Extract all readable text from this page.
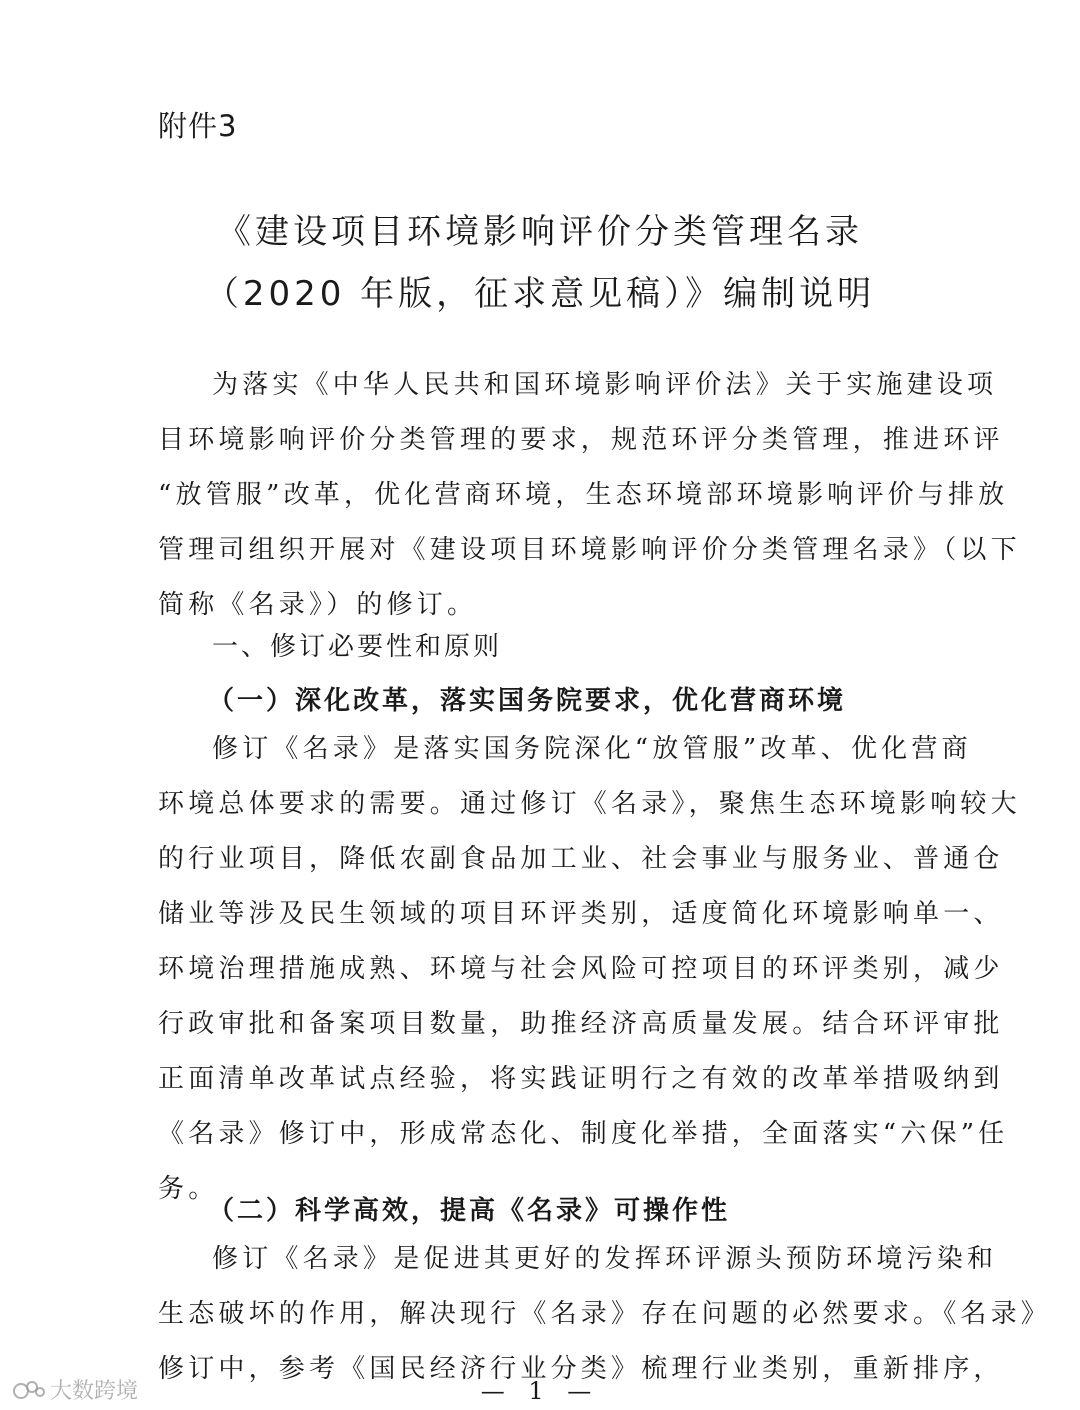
附件3
《建设项目环境影响评价分类管理名录
（2020 年版，征求意见稿）》编制说明
为落实《中华人民共和国环境影响评价法》关于实施建设项
目环境影响评价分类管理的要求，规范环评分类管理，推进环评
“放管服”改革，优化营商环境，生态环境部环境影响评价与排放
管理司组织开展对《建设项目环境影响评价分类管理名录》（以下
简称《名录》）的修订。
一、修订必要性和原则
（一）深化改革，落实国务院要求，优化营商环境
修订《名录》是落实国务院深化“放管服”改革、优化营商
环境总体要求的需要。通过修订《名录》，聚焦生态环境影响较大
的行业项目，降低农副食品加工业、社会事业与服务业、普通仓
储业等涉及民生领域的项目环评类别，适度简化环境影响单一、
环境治理措施成熟、环境与社会风险可控项目的环评类别，减少
行政审批和备案项目数量，助推经济高质量发展。结合环评审批
正面清单改革试点经验，将实践证明行之有效的改革举措吸纳到
《名录》修订中，形成常态化、制度化举措，全面落实“六保”任
务。
（二）科学高效，提高《名录》可操作性
修订《名录》是促进其更好的发挥环评源头预防环境污染和
生态破坏的作用，解决现行《名录》存在问题的必然要求。《名录》
修订中，参考《国民经济行业分类》梳理行业类别，重新排序，
— 1 —
大数跨境
